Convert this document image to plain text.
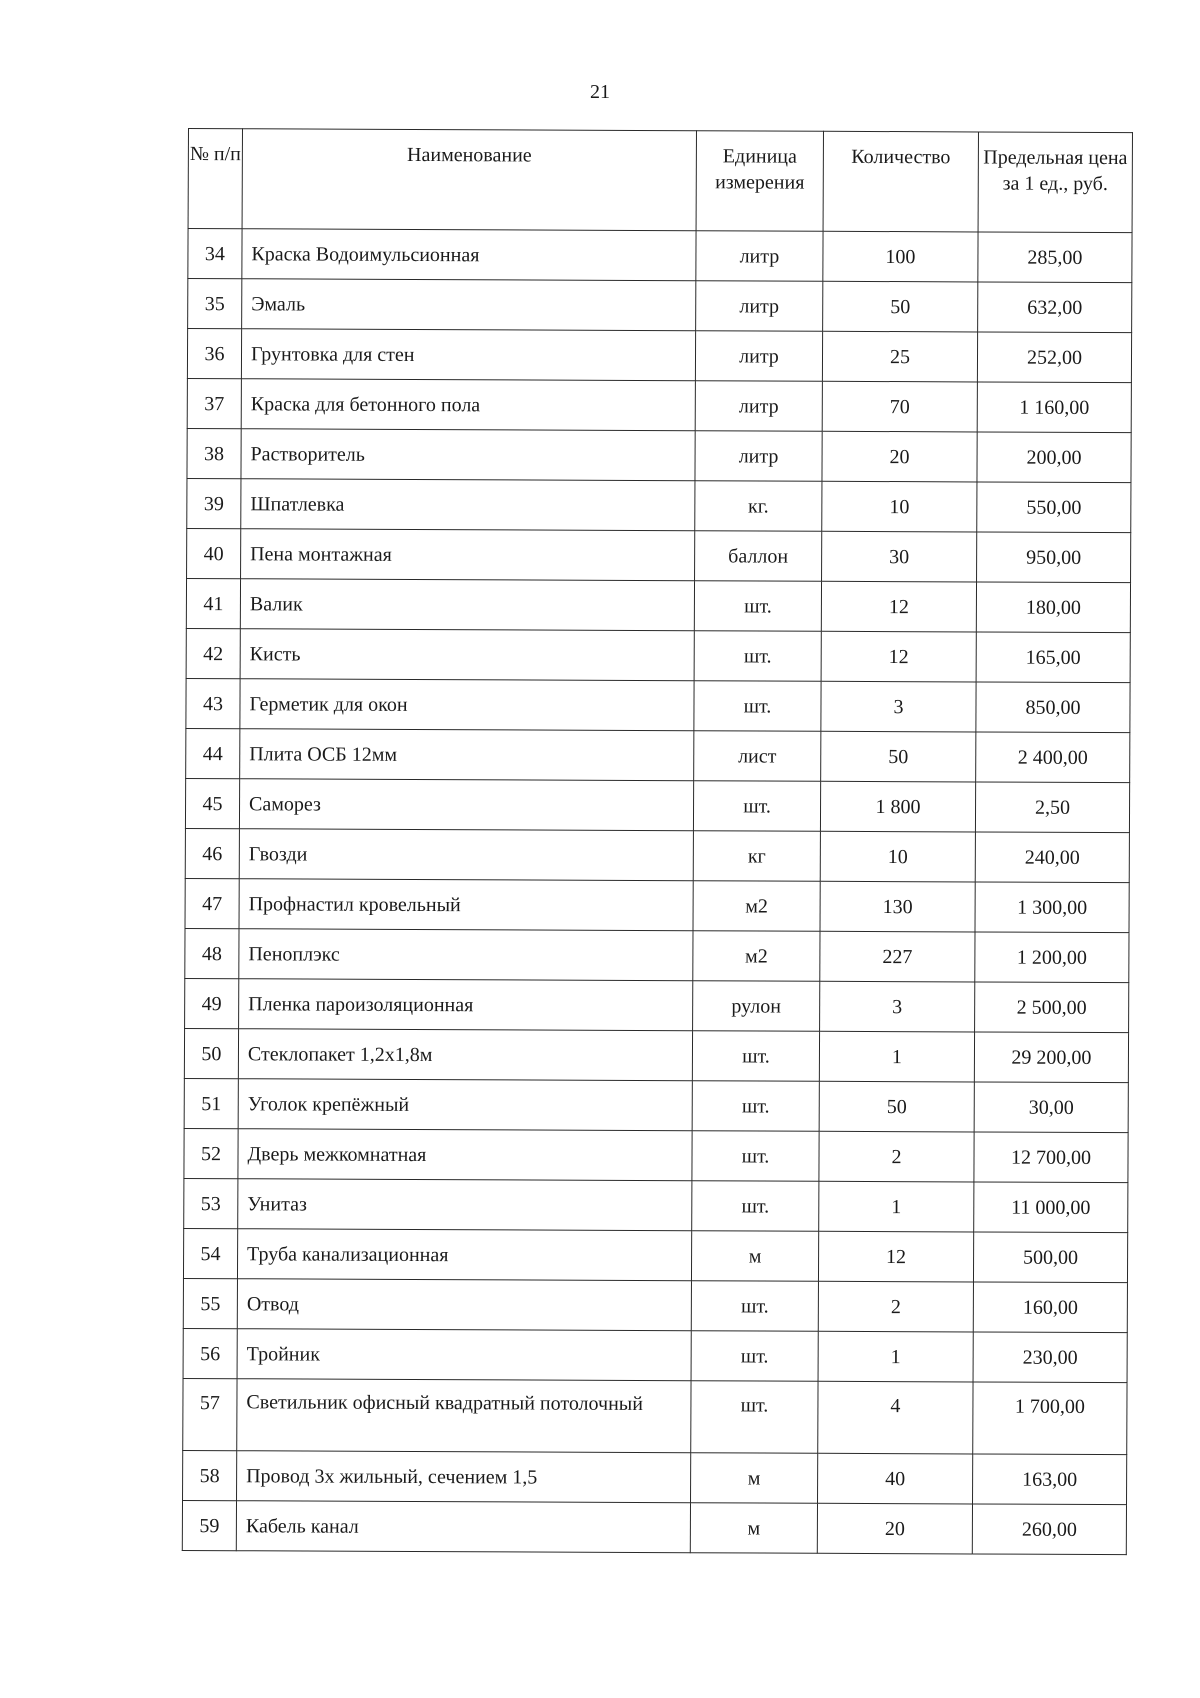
21
№ п/п	Наименование	Единица измерения	Количество	Предельная цена за 1 ед., руб.
34	Краска Водоимульсионная	литр	100	285,00
35	Эмаль	литр	50	632,00
36	Грунтовка для стен	литр	25	252,00
37	Краска для бетонного пола	литр	70	1 160,00
38	Растворитель	литр	20	200,00
39	Шпатлевка	кг.	10	550,00
40	Пена монтажная	баллон	30	950,00
41	Валик	шт.	12	180,00
42	Кисть	шт.	12	165,00
43	Герметик для окон	шт.	3	850,00
44	Плита ОСБ 12мм	лист	50	2 400,00
45	Саморез	шт.	1 800	2,50
46	Гвозди	кг	10	240,00
47	Профнастил кровельный	м2	130	1 300,00
48	Пеноплэкс	м2	227	1 200,00
49	Пленка пароизоляционная	рулон	3	2 500,00
50	Стеклопакет 1,2х1,8м	шт.	1	29 200,00
51	Уголок крепёжный	шт.	50	30,00
52	Дверь межкомнатная	шт.	2	12 700,00
53	Унитаз	шт.	1	11 000,00
54	Труба канализационная	м	12	500,00
55	Отвод	шт.	2	160,00
56	Тройник	шт.	1	230,00
57	Светильник офисный квадратный потолочный	шт.	4	1 700,00
58	Провод 3х жильный, сечением 1,5	м	40	163,00
59	Кабель канал	м	20	260,00
